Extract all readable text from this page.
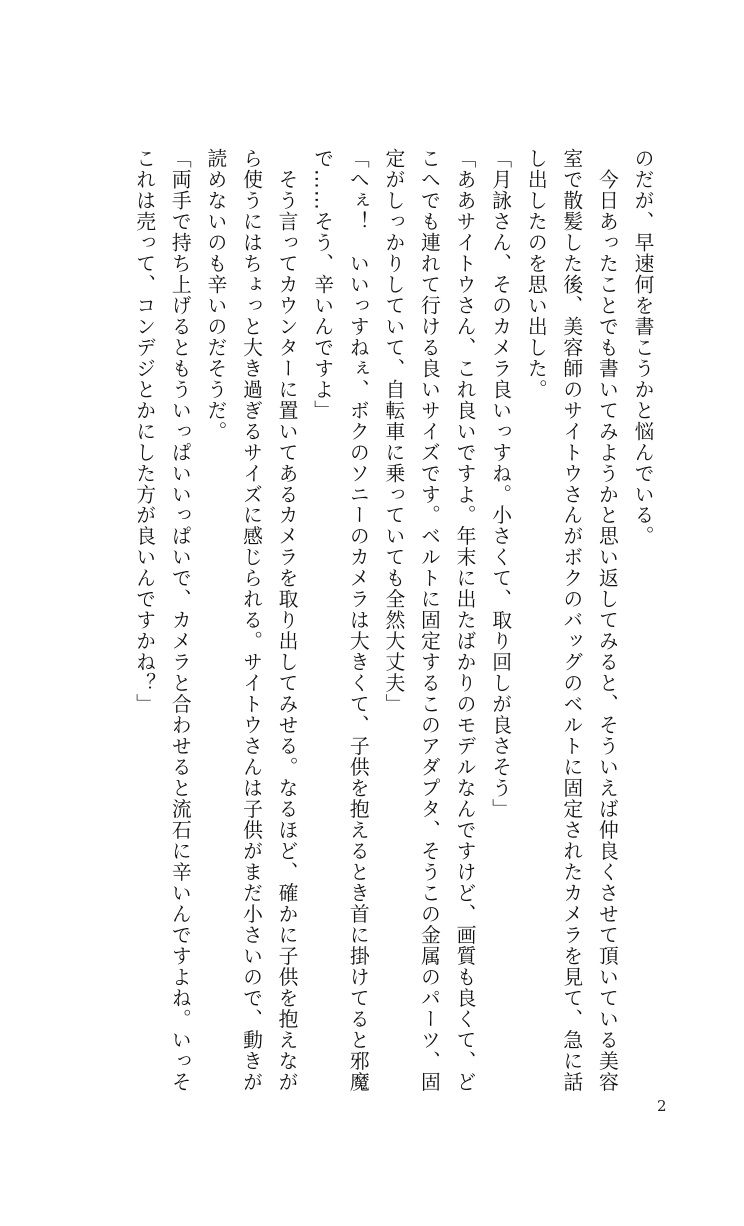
のだが、早速何を書こうかと悩んでいる。
　今日あったことでも書いてみようかと思い返してみると、そういえば仲良くさせて頂いている美容
室で散髪した後、美容師のサイトウさんがボクのバッグのベルトに固定されたカメラを見て、急に話
し出したのを思い出した。
「月詠さん、そのカメラ良いっすね。小さくて、取り回しが良さそう」
「ああサイトウさん、これ良いですよ。年末に出たばかりのモデルなんですけど、画質も良くて、ど
こへでも連れて行ける良いサイズです。ベルトに固定するこのアダプタ、そうこの金属のパーツ、固
定がしっかりしていて、自転車に乗っていても全然大丈夫」
「へぇ！　いいっすねぇ、ボクのソニーのカメラは大きくて、子供を抱えるとき首に掛けてると邪魔
で……そう、辛いんですよ」
　そう言ってカウンターに置いてあるカメラを取り出してみせる。なるほど、確かに子供を抱えなが
ら使うにはちょっと大き過ぎるサイズに感じられる。サイトウさんは子供がまだ小さいので、動きが
読めないのも辛いのだそうだ。
「両手で持ち上げるともういっぱいいっぱいで、カメラと合わせると流石に辛いんですよね。いっそ
これは売って、コンデジとかにした方が良いんですかね？」
2
